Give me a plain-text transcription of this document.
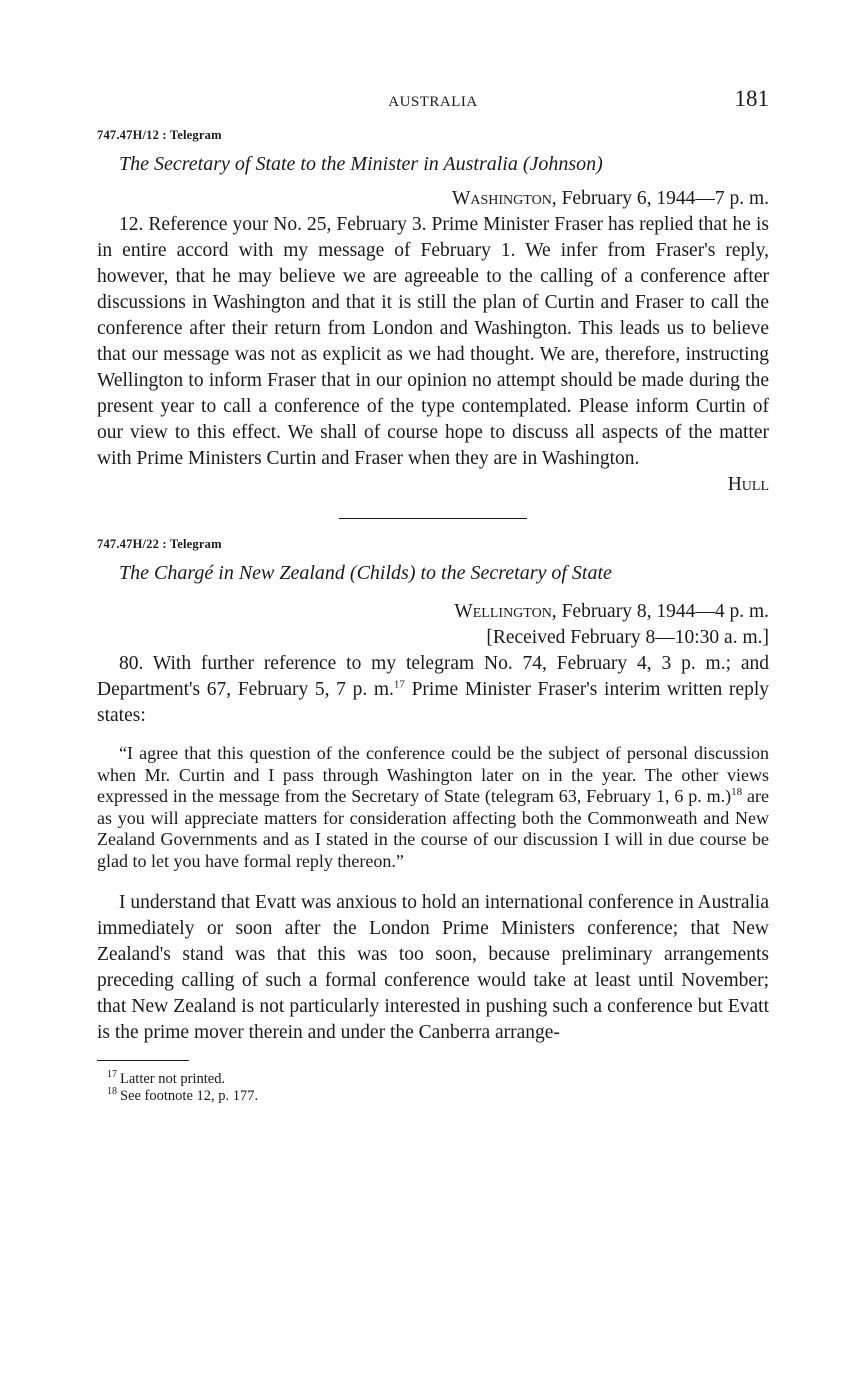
AUSTRALIA	181
747.47H/12 : Telegram
The Secretary of State to the Minister in Australia (Johnson)
Washington, February 6, 1944—7 p. m.

12. Reference your No. 25, February 3. Prime Minister Fraser has replied that he is in entire accord with my message of February 1. We infer from Fraser's reply, however, that he may believe we are agreeable to the calling of a conference after discussions in Washington and that it is still the plan of Curtin and Fraser to call the conference after their return from London and Washington. This leads us to believe that our message was not as explicit as we had thought. We are, therefore, instructing Wellington to inform Fraser that in our opinion no attempt should be made during the present year to call a conference of the type contemplated. Please inform Curtin of our view to this effect. We shall of course hope to discuss all aspects of the matter with Prime Ministers Curtin and Fraser when they are in Washington.

Hull
747.47H/22 : Telegram
The Chargé in New Zealand (Childs) to the Secretary of State
Wellington, February 8, 1944—4 p. m.
[Received February 8—10:30 a. m.]

80. With further reference to my telegram No. 74, February 4, 3 p. m.; and Department's 67, February 5, 7 p. m.$^{17}$ Prime Minister Fraser's interim written reply states:

“I agree that this question of the conference could be the subject of personal discussion when Mr. Curtin and I pass through Washington later on in the year. The other views expressed in the message from the Secretary of State (telegram 63, February 1, 6 p. m.)$^{18}$ are as you will appreciate matters for consideration affecting both the Commonweath and New Zealand Governments and as I stated in the course of our discussion I will in due course be glad to let you have formal reply thereon.”

I understand that Evatt was anxious to hold an international conference in Australia immediately or soon after the London Prime Ministers conference; that New Zealand's stand was that this was too soon, because preliminary arrangements preceding calling of such a formal conference would take at least until November; that New Zealand is not particularly interested in pushing such a conference but Evatt is the prime mover therein and under the Canberra arrange-

$^{17}$ Latter not printed.
$^{18}$ See footnote 12, p. 177.
